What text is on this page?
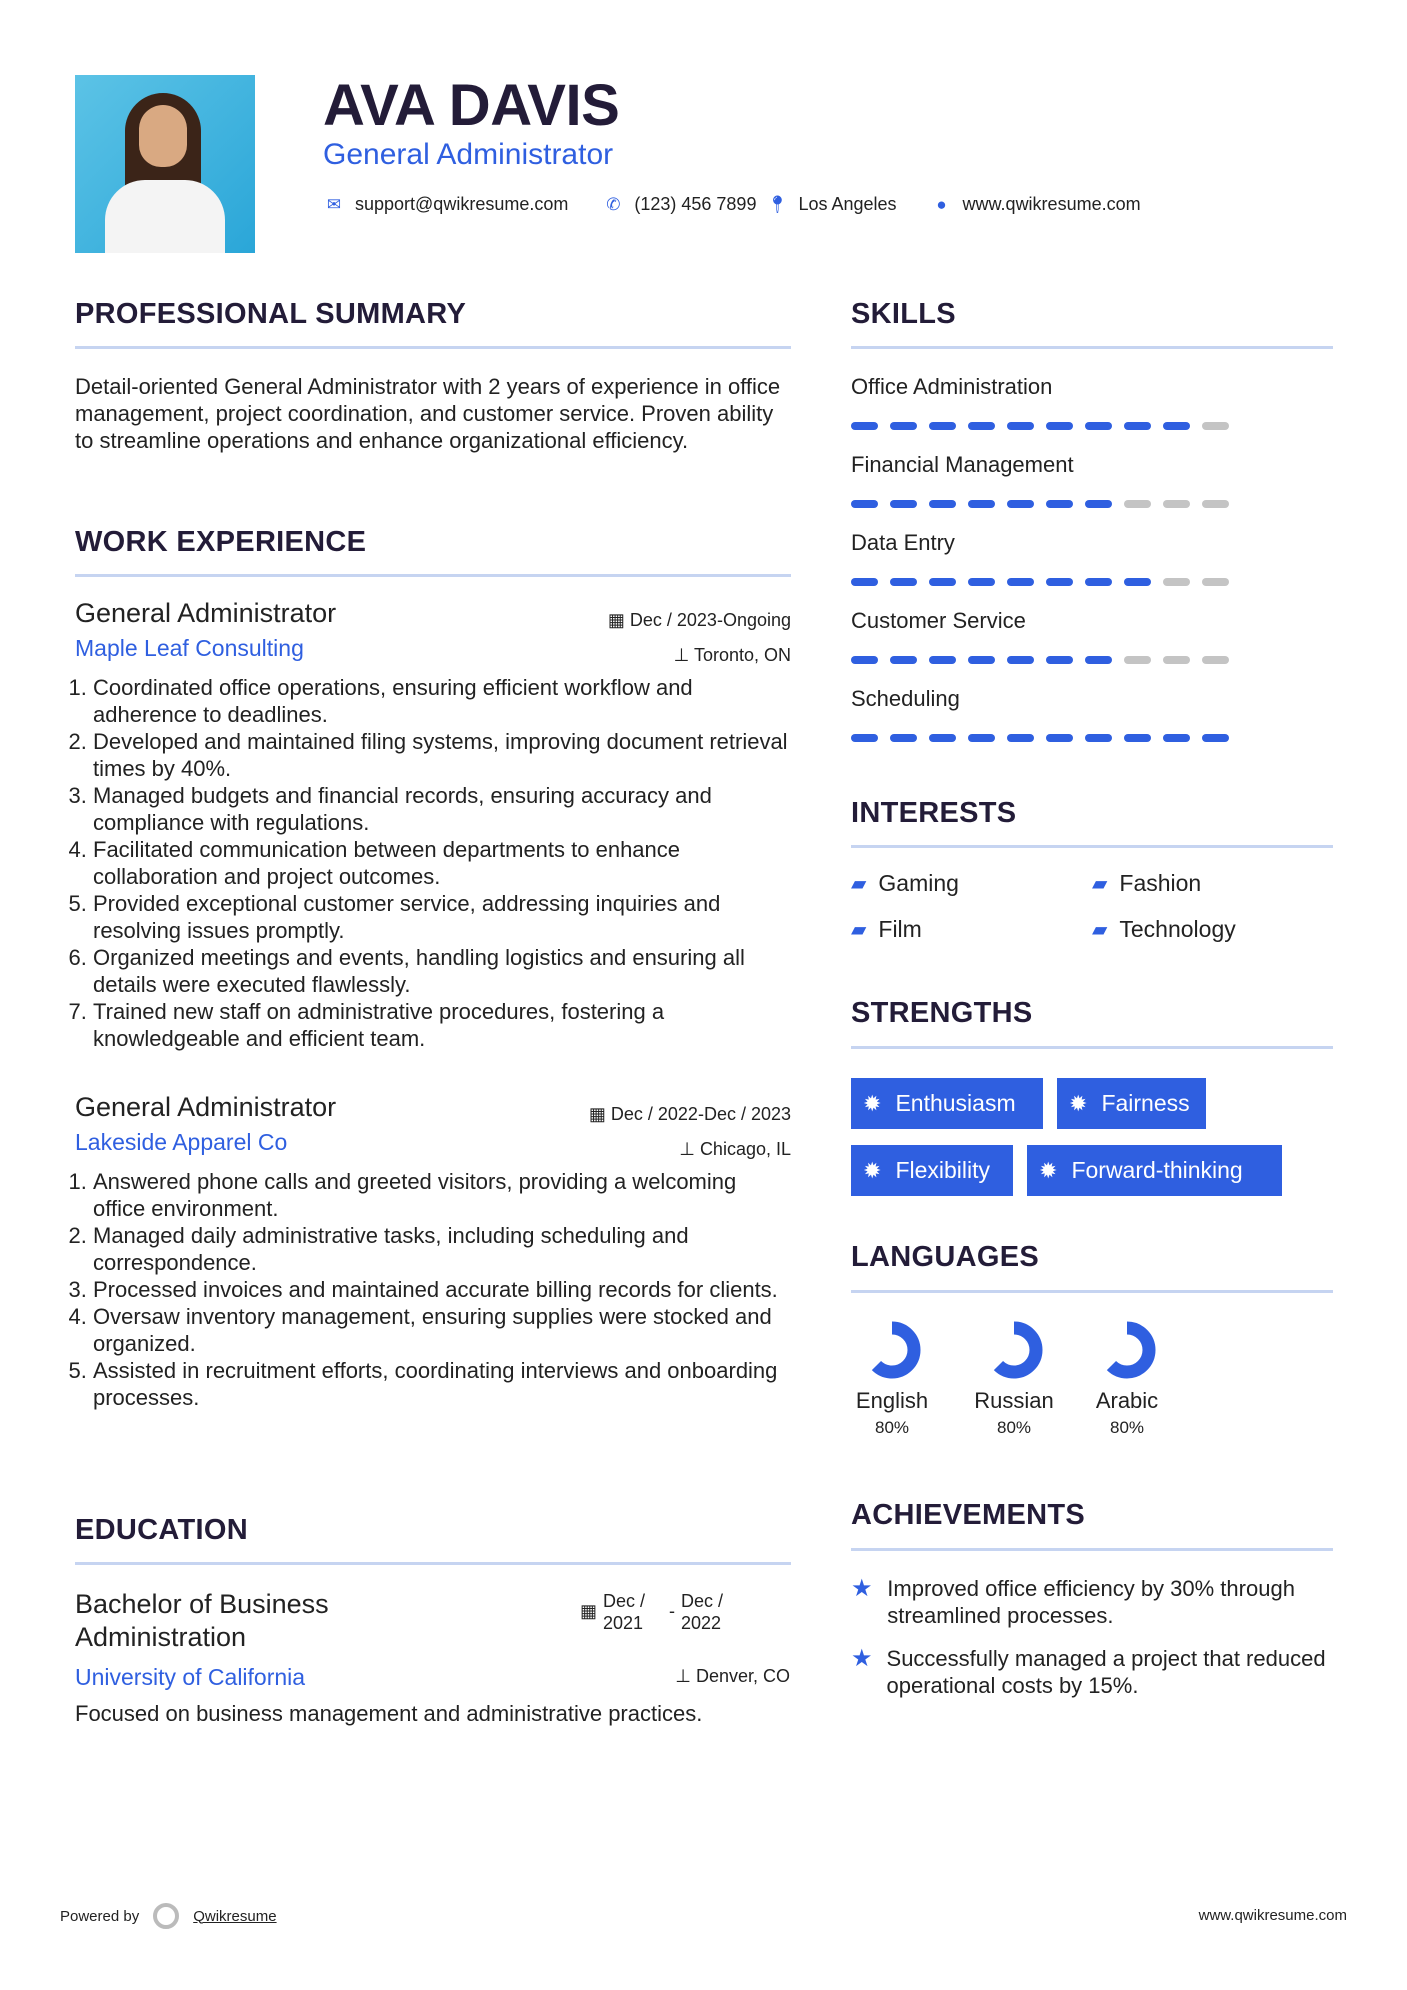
AVA DAVIS
General Administrator
✉ support@qwikresume.com ✆ (123) 456 7899 📍︎ Los Angeles	● www.qwikresume.com
PROFESSIONAL SUMMARY
Detail-oriented General Administrator with 2 years of experience in office management, project coordination, and customer service. Proven ability to streamline operations and enhance organizational efficiency.
WORK EXPERIENCE
General Administrator	▦ Dec / 2023-Ongoing
Maple Leaf Consulting	⊥ Toronto, ON
1. Coordinated office operations, ensuring efficient workflow and adherence to deadlines.
2. Developed and maintained filing systems, improving document retrieval times by 40%.
3. Managed budgets and financial records, ensuring accuracy and compliance with regulations.
4. Facilitated communication between departments to enhance collaboration and project outcomes.
5. Provided exceptional customer service, addressing inquiries and resolving issues promptly.
6. Organized meetings and events, handling logistics and ensuring all details were executed flawlessly.
7. Trained new staff on administrative procedures, fostering a knowledgeable and efficient team.
General Administrator	▦ Dec / 2022-Dec / 2023
Lakeside Apparel Co	⊥ Chicago, IL
1. Answered phone calls and greeted visitors, providing a welcoming office environment.
2. Managed daily administrative tasks, including scheduling and correspondence.
3. Processed invoices and maintained accurate billing records for clients.
4. Oversaw inventory management, ensuring supplies were stocked and organized.
5. Assisted in recruitment efforts, coordinating interviews and onboarding processes.
EDUCATION
Bachelor of Business Administration
▦ Dec / 2021
- Dec / 2022
University of California	⊥ Denver, CO
Focused on business management and administrative practices.
SKILLS
Office Administration
Financial Management
Data Entry
Customer Service
Scheduling
INTERESTS
▰ Gaming	▰ Fashion
▰ Film	▰ Technology
STRENGTHS
✹ Enthusiasm ✹ Fairness
✹ Flexibility ✹ Forward-thinking
LANGUAGES
English
80%
Russian
80%
Arabic
80%
ACHIEVEMENTS
★ Improved office efficiency by 30% through streamlined processes.
★ Successfully managed a project that reduced operational costs by 15%.
Powered by	Qwikresume	www.qwikresume.com
